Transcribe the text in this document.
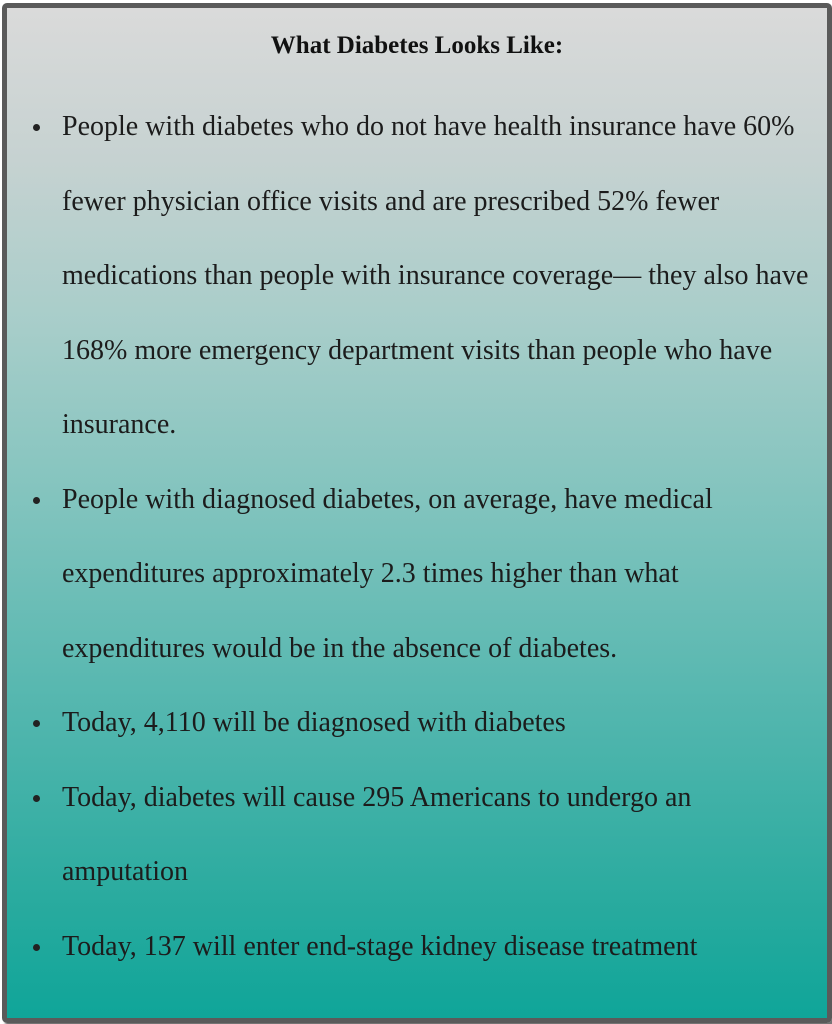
What Diabetes Looks Like:
People with diabetes who do not have health insurance have 60% fewer physician office visits and are prescribed 52% fewer medications than people with insurance coverage— they also have 168% more emergency department visits than people who have insurance.
People with diagnosed diabetes, on average, have medical expenditures approximately 2.3 times higher than what expenditures would be in the absence of diabetes.
Today, 4,110 will be diagnosed with diabetes
Today, diabetes will cause 295 Americans to undergo an amputation
Today, 137 will enter end-stage kidney disease treatment
